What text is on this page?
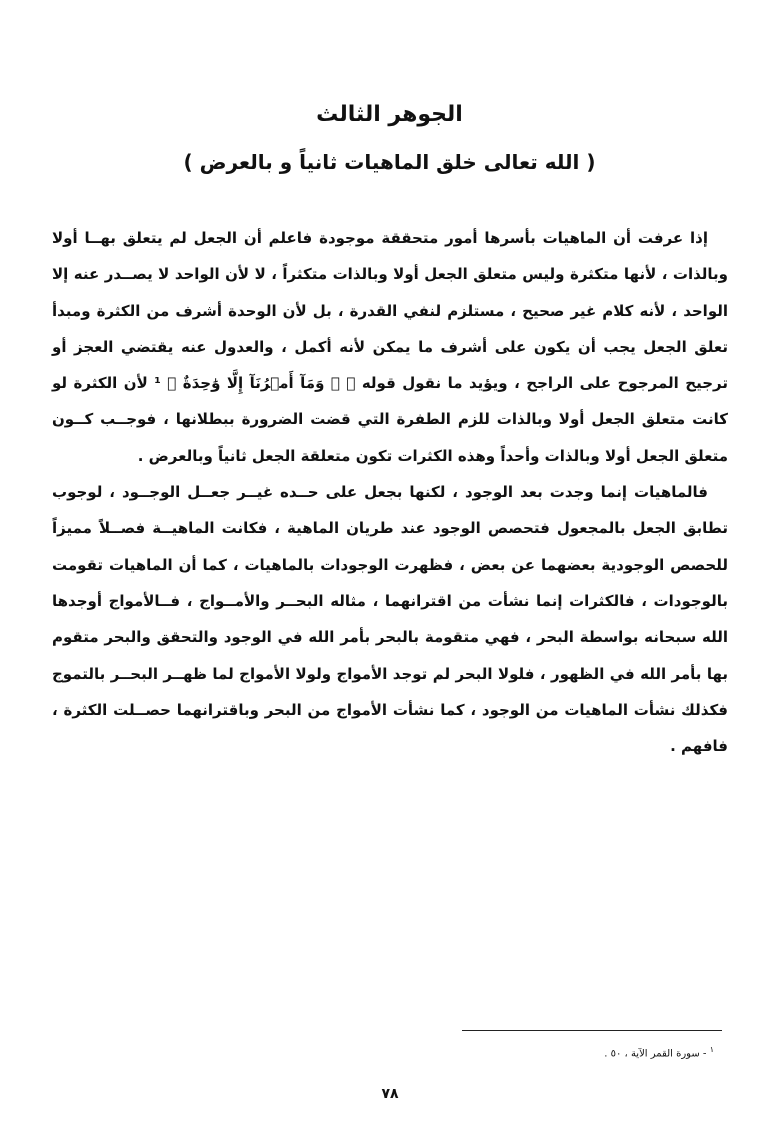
الجوهر الثالث
( الله تعالى خلق الماهيات ثانياً و بالعرض )

إذا عرفت أن الماهيات بأسرها أمور متحققة موجودة فاعلم أن الجعل لم يتعلق بهــا أولا وبالذات ، لأنها متكثرة وليس متعلق الجعل أولا وبالذات متكثراً ، لا لأن الواحد لا يصــدر عنه إلا الواحد ، لأنه كلام غير صحيح ، مستلزم لنفي القدرة ، بل لأن الوحدة أشرف من الكثرة ومبدأ تعلق الجعل يجب أن يكون على أشرف ما يمكن لأنه أكمل ، والعدول عنه يقتضي العجز أو ترجيح المرجوح على الراجح ، ويؤيد ما نقول قوله ﷻ ﴿ وَمَآ أَمۡرُنَآ إِلَّا وَٰحِدَةٌ ﴾ ¹ لأن الكثرة لو كانت متعلق الجعل أولا وبالذات للزم الطفرة التي قضت الضرورة ببطلانها ، فوجــب كــون متعلق الجعل أولا وبالذات وأحداً وهذه الكثرات تكون متعلقة الجعل ثانياً وبالعرض .

فالماهيات إنما وجدت بعد الوجود ، لكنها بجعل على حــده غيــر جعــل الوجــود ، لوجوب تطابق الجعل بالمجعول فتحصص الوجود عند طريان الماهية ، فكانت الماهيــة فصــلاً مميزاً للحصص الوجودية بعضهما عن بعض ، فظهرت الوجودات بالماهيات ، كما أن الماهيات تقومت بالوجودات ، فالكثرات إنما نشأت من اقترانهما ، مثاله البحــر والأمــواج ، فــالأمواج أوجدها الله سبحانه بواسطة البحر ، فهي متقومة بالبحر بأمر الله في الوجود والتحقق والبحر متقوم بها بأمر الله في الظهور ، فلولا البحر لم توجد الأمواج ولولا الأمواج لما ظهــر البحــر بالتموج فكذلك نشأت الماهيات من الوجود ، كما نشأت الأمواج من البحر وباقترانهما حصــلت الكثرة ، فافهم .

$^١$ - سورة القمر الآية ، ٥٠ .
٧٨
